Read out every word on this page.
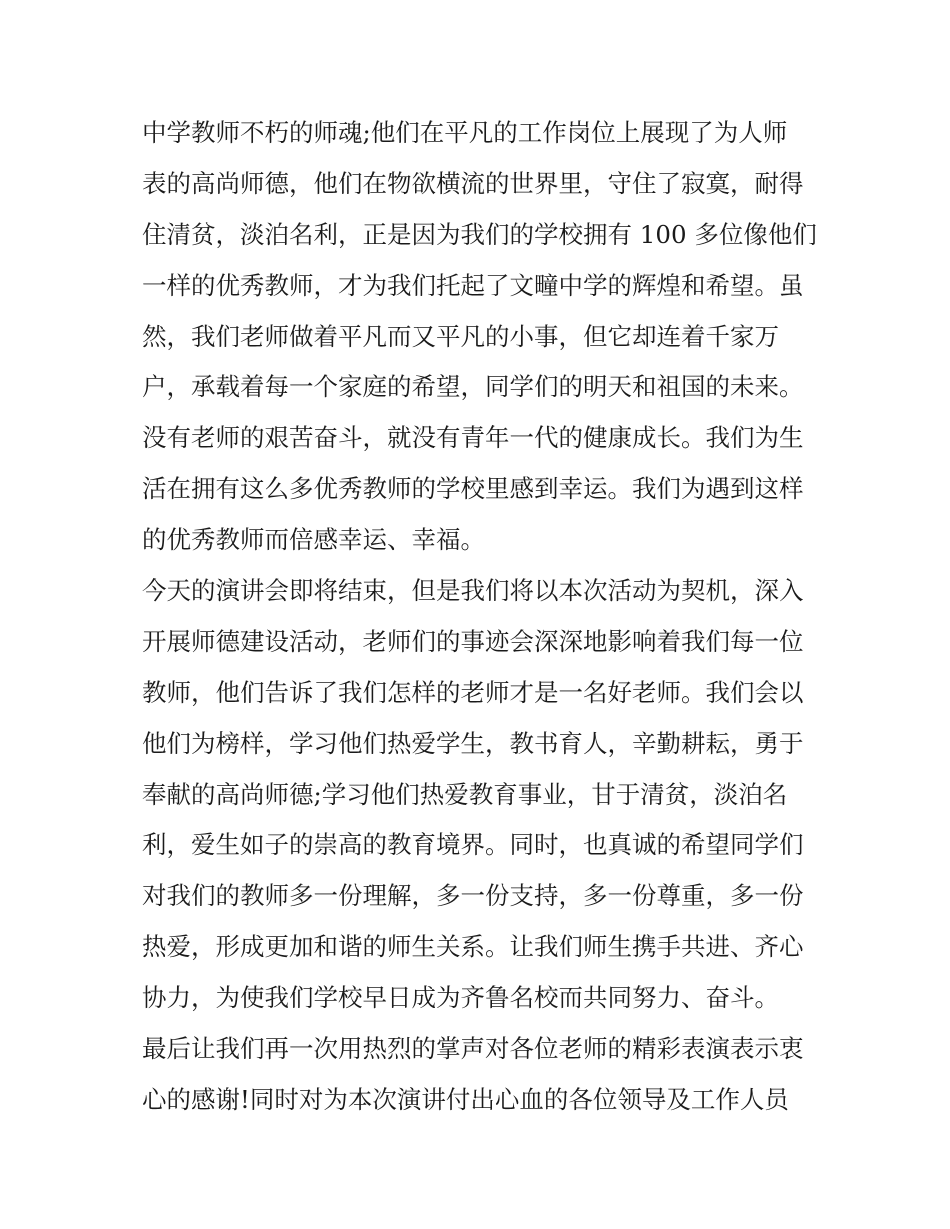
中学教师不朽的师魂;他们在平凡的工作岗位上展现了为人师
表的高尚师德，他们在物欲横流的世界里，守住了寂寞，耐得
住清贫，淡泊名利，正是因为我们的学校拥有 100 多位像他们
一样的优秀教师，才为我们托起了文疃中学的辉煌和希望。虽
然，我们老师做着平凡而又平凡的小事，但它却连着千家万
户，承载着每一个家庭的希望，同学们的明天和祖国的未来。
没有老师的艰苦奋斗，就没有青年一代的健康成长。我们为生
活在拥有这么多优秀教师的学校里感到幸运。我们为遇到这样
的优秀教师而倍感幸运、幸福。
今天的演讲会即将结束，但是我们将以本次活动为契机，深入
开展师德建设活动，老师们的事迹会深深地影响着我们每一位
教师，他们告诉了我们怎样的老师才是一名好老师。我们会以
他们为榜样，学习他们热爱学生，教书育人，辛勤耕耘，勇于
奉献的高尚师德;学习他们热爱教育事业，甘于清贫，淡泊名
利，爱生如子的崇高的教育境界。同时，也真诚的希望同学们
对我们的教师多一份理解，多一份支持，多一份尊重，多一份
热爱，形成更加和谐的师生关系。让我们师生携手共进、齐心
协力，为使我们学校早日成为齐鲁名校而共同努力、奋斗。
最后让我们再一次用热烈的掌声对各位老师的精彩表演表示衷
心的感谢!同时对为本次演讲付出心血的各位领导及工作人员
